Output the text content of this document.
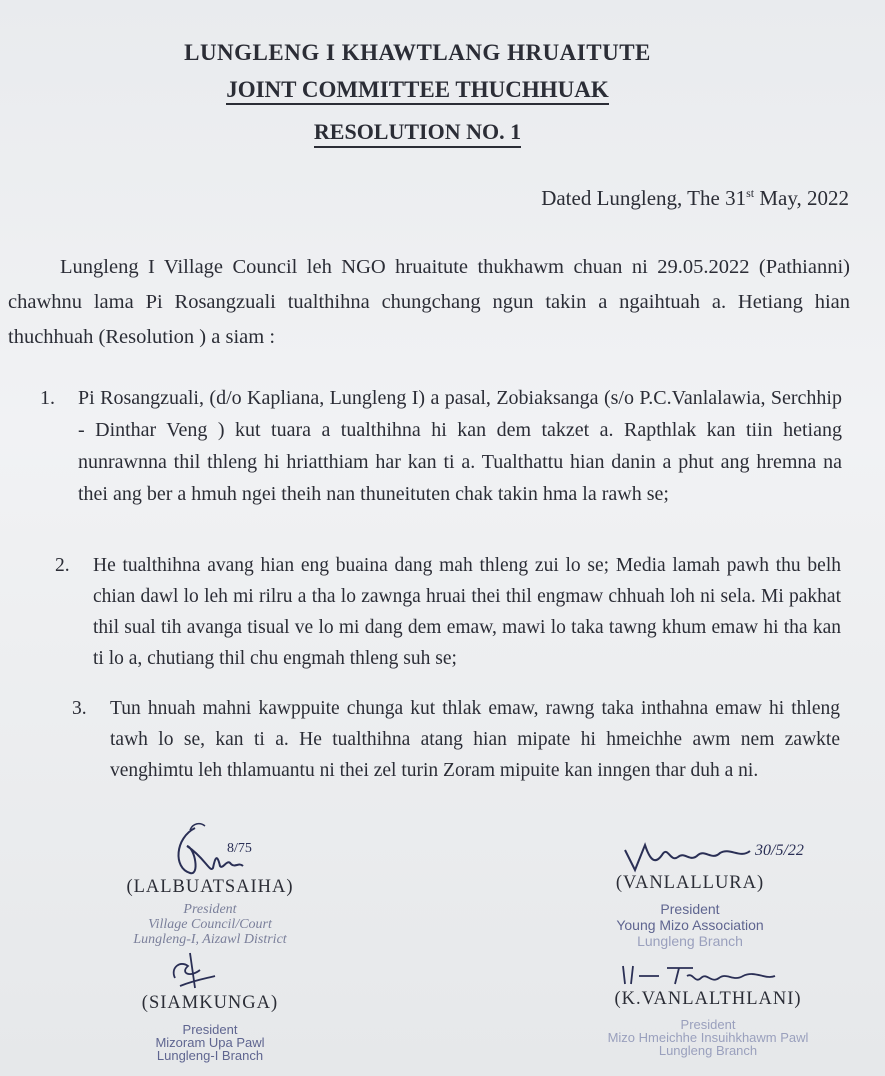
LUNGLENG I KHAWTLANG HRUAITUTE
JOINT COMMITTEE THUCHHUAK
RESOLUTION NO. 1
Dated Lungleng, The 31st May, 2022
Lungleng I Village Council leh NGO hruaitute thukhawm chuan ni 29.05.2022 (Pathianni) chawhnu lama Pi Rosangzuali tualthihna chungchang ngun takin a ngaihtuah a. Hetiang hian thuchhuah (Resolution ) a siam :
1. Pi Rosangzuali, (d/o Kapliana, Lungleng I) a pasal, Zobiaksanga (s/o P.C.Vanlalawia, Serchhip - Dinthar Veng ) kut tuara a tualthihna hi kan dem takzet a. Rapthlak kan tiin hetiang nunrawnna thil thleng hi hriatthiam har kan ti a. Tualthattu hian danin a phut ang hremna na thei ang ber a hmuh ngei theih nan thuneituten chak takin hma la rawh se;
2. He tualthihna avang hian eng buaina dang mah thleng zui lo se; Media lamah pawh thu belh chian dawl lo leh mi rilru a tha lo zawnga hruai thei thil engmaw chhuah loh ni sela. Mi pakhat thil sual tih avanga tisual ve lo mi dang dem emaw, mawi lo taka tawng khum emaw hi tha kan ti lo a, chutiang thil chu engmah thleng suh se;
3. Tun hnuah mahni kawppuite chunga kut thlak emaw, rawng taka inthahna emaw hi thleng tawh lo se, kan ti a. He tualthihna atang hian mipate hi hmeichhe awm nem zawkte venghimtu leh thlamuantu ni thei zel turin Zoram mipuite kan inngen thar duh a ni.
8/75
(LALBUATSAIHA)
President
Village Council/Court
Lungleng-I, Aizawl District
30/5/22
(VANLALLURA)
President
Young Mizo Association
Lungleng Branch
(SIAMKUNGA)
President
Mizoram Upa Pawl
Lungleng-I Branch
(K.VANLALTHLANI)
President
Mizo Hmeichhe Insuihkhawm Pawl
Lungleng Branch
